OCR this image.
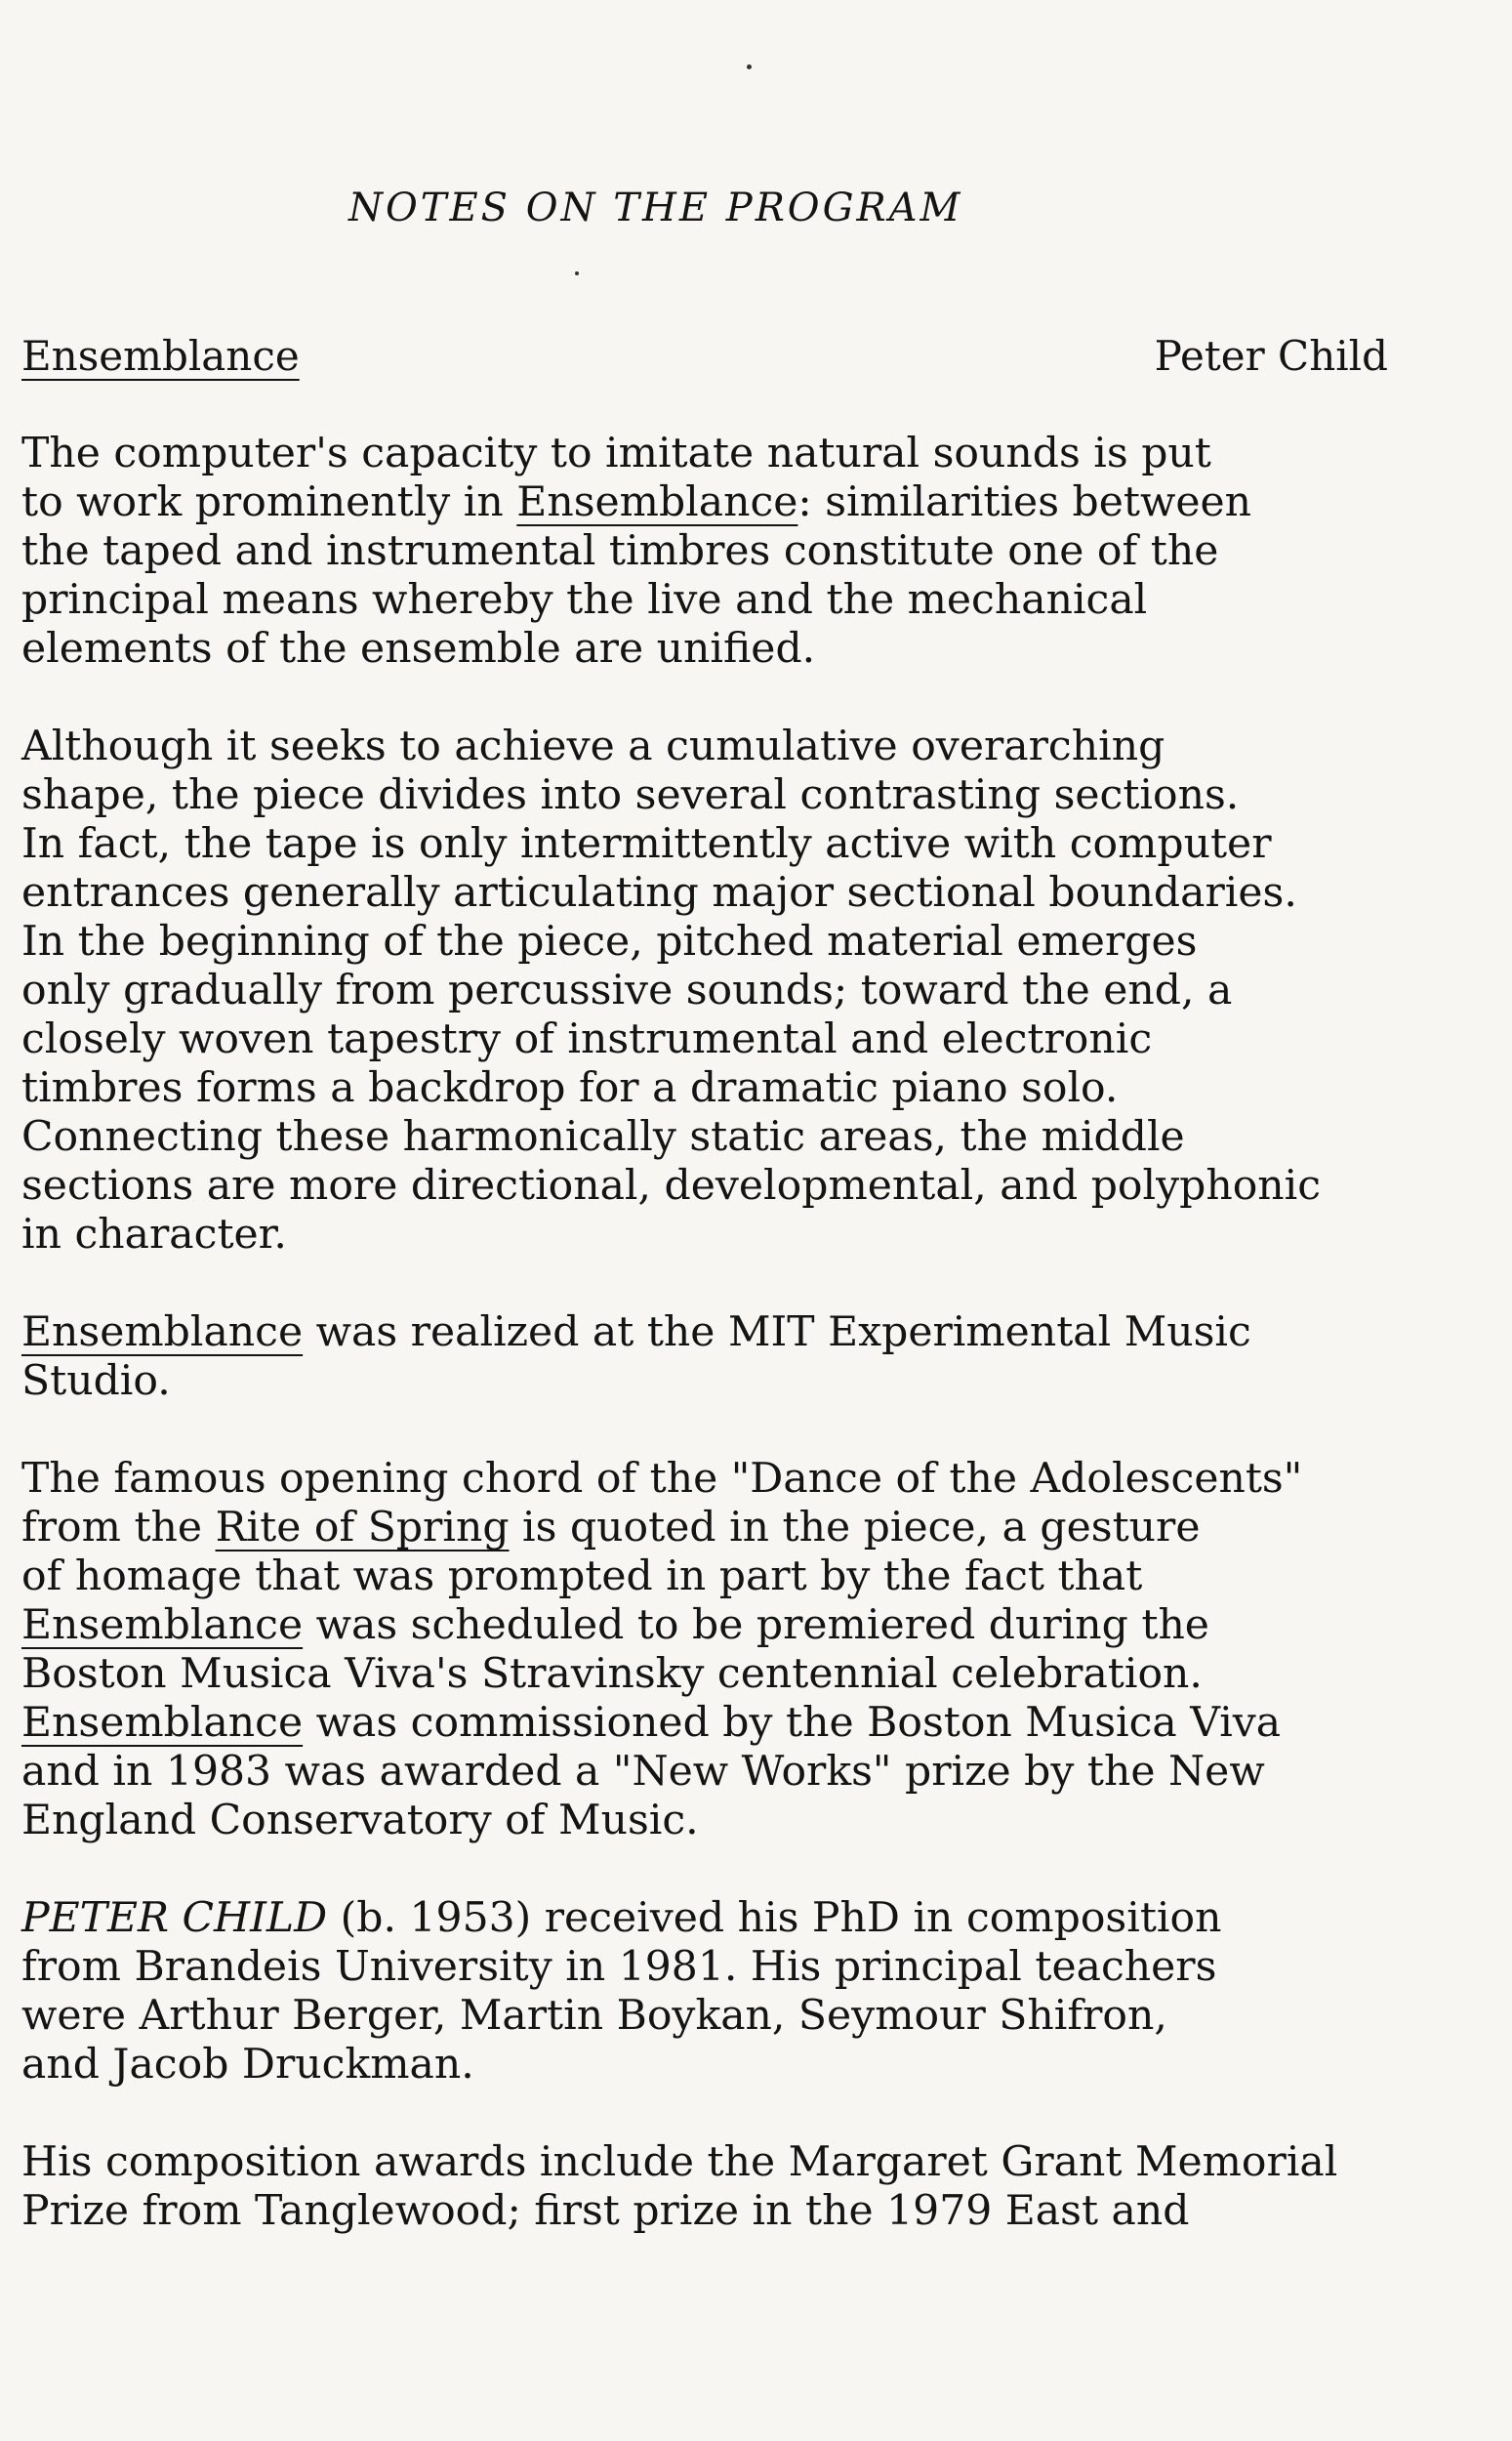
NOTES ON THE PROGRAM
Ensemblance	Peter Child
The computer's capacity to imitate natural sounds is put
to work prominently in Ensemblance: similarities between
the taped and instrumental timbres constitute one of the
principal means whereby the live and the mechanical
elements of the ensemble are unified.
Although it seeks to achieve a cumulative overarching
shape, the piece divides into several contrasting sections.
In fact, the tape is only intermittently active with computer
entrances generally articulating major sectional boundaries.
In the beginning of the piece, pitched material emerges
only gradually from percussive sounds; toward the end, a
closely woven tapestry of instrumental and electronic
timbres forms a backdrop for a dramatic piano solo.
Connecting these harmonically static areas, the middle
sections are more directional, developmental, and polyphonic
in character.
Ensemblance was realized at the MIT Experimental Music
Studio.
The famous opening chord of the "Dance of the Adolescents"
from the Rite of Spring is quoted in the piece, a gesture
of homage that was prompted in part by the fact that
Ensemblance was scheduled to be premiered during the
Boston Musica Viva's Stravinsky centennial celebration.
Ensemblance was commissioned by the Boston Musica Viva
and in 1983 was awarded a "New Works" prize by the New
England Conservatory of Music.
PETER CHILD (b. 1953) received his PhD in composition
from Brandeis University in 1981. His principal teachers
were Arthur Berger, Martin Boykan, Seymour Shifron,
and Jacob Druckman.
His composition awards include the Margaret Grant Memorial
Prize from Tanglewood; first prize in the 1979 East and
